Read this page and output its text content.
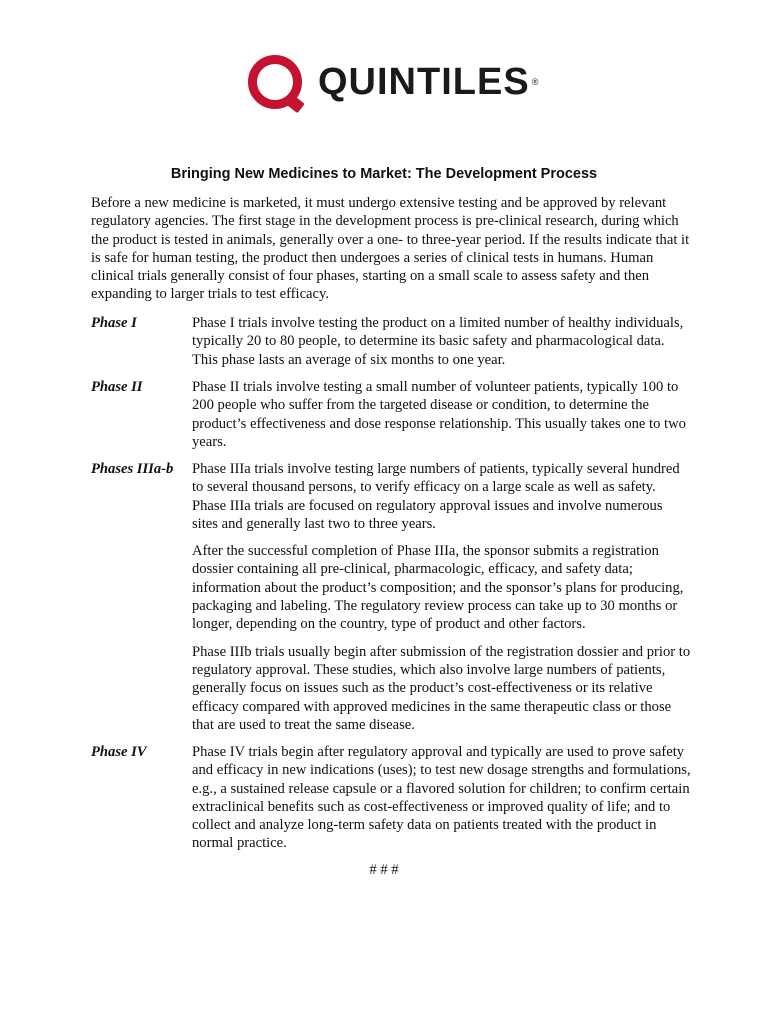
QUINTILES ®
Bringing New Medicines to Market: The Development Process

Before a new medicine is marketed, it must undergo extensive testing and be approved by relevant regulatory agencies. The first stage in the development process is pre-clinical research, during which the product is tested in animals, generally over a one- to three-year period. If the results indicate that it is safe for human testing, the product then undergoes a series of clinical tests in humans. Human clinical trials generally consist of four phases, starting on a small scale to assess safety and then expanding to larger trials to test efficacy.

Phase I	Phase I trials involve testing the product on a limited number of healthy individuals, typically 20 to 80 people, to determine its basic safety and pharmacological data. This phase lasts an average of six months to one year.

Phase II	Phase II trials involve testing a small number of volunteer patients, typically 100 to 200 people who suffer from the targeted disease or condition, to determine the product’s effectiveness and dose response relationship. This usually takes one to two years.

Phases IIIa-b	Phase IIIa trials involve testing large numbers of patients, typically several hundred to several thousand persons, to verify efficacy on a large scale as well as safety. Phase IIIa trials are focused on regulatory approval issues and involve numerous sites and generally last two to three years.

After the successful completion of Phase IIIa, the sponsor submits a registration dossier containing all pre-clinical, pharmacologic, efficacy, and safety data; information about the product’s composition; and the sponsor’s plans for producing, packaging and labeling. The regulatory review process can take up to 30 months or longer, depending on the country, type of product and other factors.

Phase IIIb trials usually begin after submission of the registration dossier and prior to regulatory approval. These studies, which also involve large numbers of patients, generally focus on issues such as the product’s cost-effectiveness or its relative efficacy compared with approved medicines in the same therapeutic class or those that are used to treat the same disease.

Phase IV	Phase IV trials begin after regulatory approval and typically are used to prove safety and efficacy in new indications (uses); to test new dosage strengths and formulations, e.g., a sustained release capsule or a flavored solution for children; to confirm certain extraclinical benefits such as cost-effectiveness or improved quality of life; and to collect and analyze long-term safety data on patients treated with the product in normal practice.

# # #
